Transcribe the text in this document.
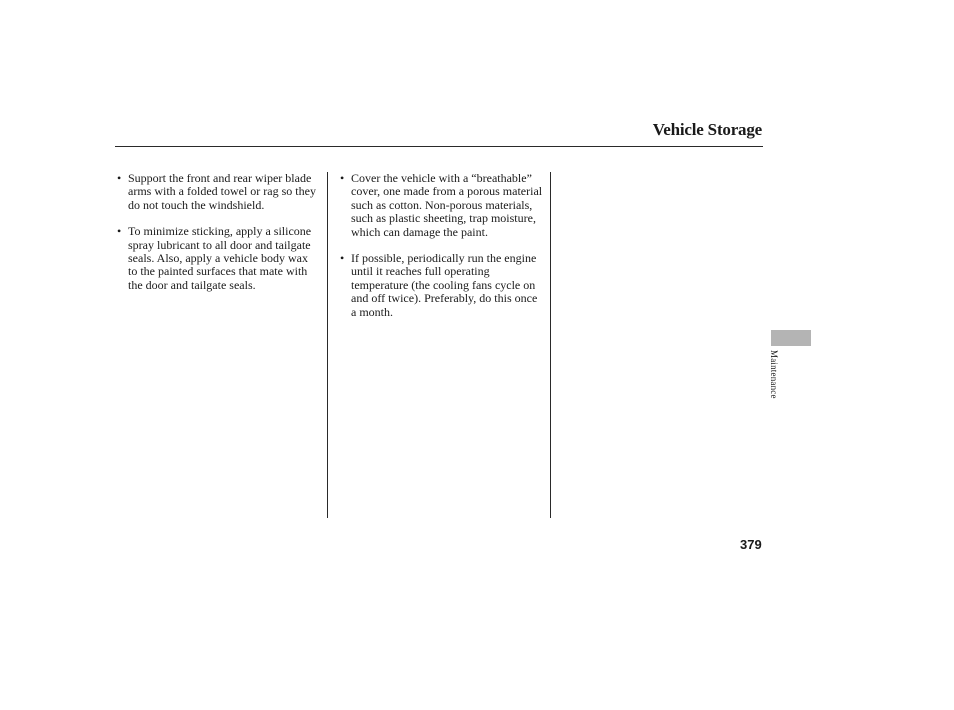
Vehicle Storage
• Support the front and rear wiper blade arms with a folded towel or rag so they do not touch the windshield.
• To minimize sticking, apply a silicone spray lubricant to all door and tailgate seals. Also, apply a vehicle body wax to the painted surfaces that mate with the door and tailgate seals.
• Cover the vehicle with a “breathable” cover, one made from a porous material such as cotton. Non-porous materials, such as plastic sheeting, trap moisture, which can damage the paint.
• If possible, periodically run the engine until it reaches full operating temperature (the cooling fans cycle on and off twice). Preferably, do this once a month.
Maintenance
379
